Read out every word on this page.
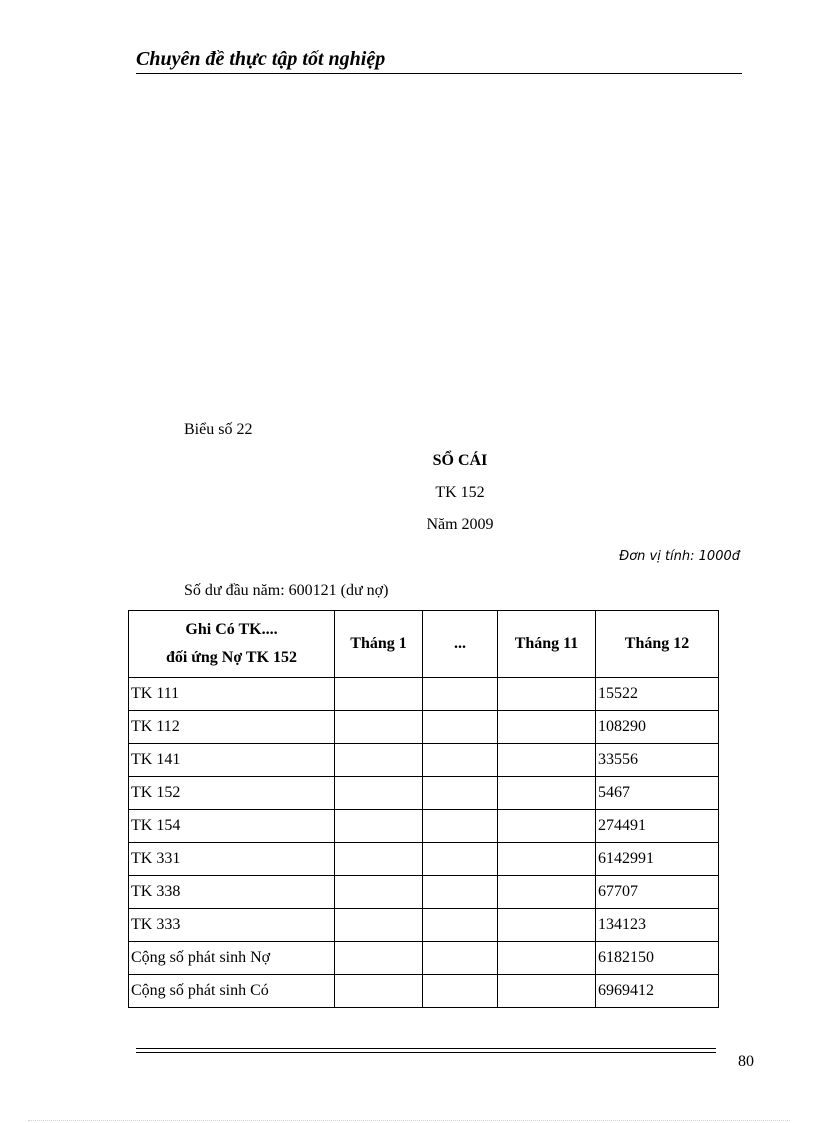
Chuyên đề thực tập tốt nghiệp
Biểu số 22
SỔ CÁI
TK 152
Năm 2009
Đơn vị tính: 1000đ
Số dư đầu năm: 600121 (dư nợ)
Ghi Có TK....
đối ứng Nợ TK 152	Tháng 1	...	Tháng 11	Tháng 12
TK 111				15522
TK 112				108290
TK 141				33556
TK 152				5467
TK 154				274491
TK 331				6142991
TK 338				67707
TK 333				134123
Cộng số phát sinh Nợ				6182150
Cộng số phát sinh Có				6969412
80
